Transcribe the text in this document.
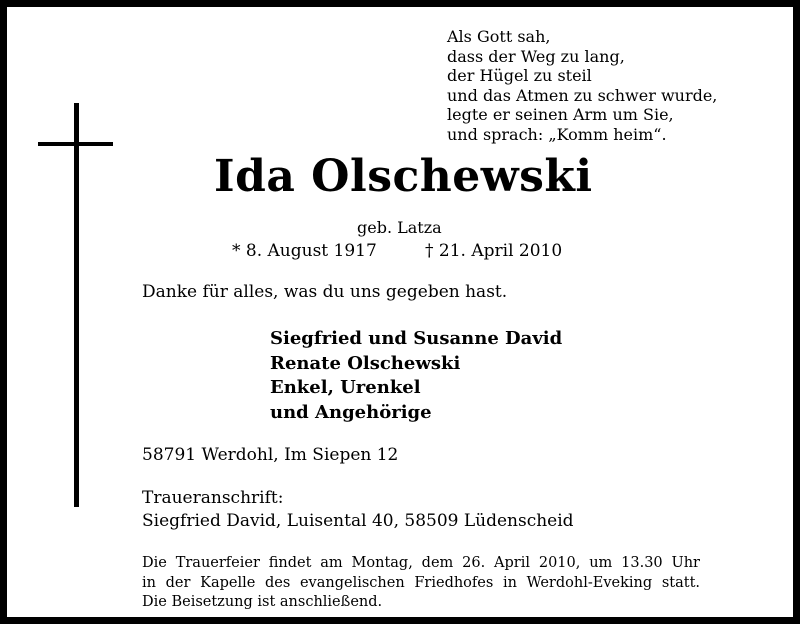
Als Gott sah,
dass der Weg zu lang,
der Hügel zu steil
und das Atmen zu schwer wurde,
legte er seinen Arm um Sie,
und sprach: „Komm heim“.
Ida Olschewski
geb. Latza
* 8. August 1917	† 21. April 2010
Danke für alles, was du uns gegeben hast.
Siegfried und Susanne David
Renate Olschewski
Enkel, Urenkel
und Angehörige
58791 Werdohl, Im Siepen 12
Traueranschrift:
Siegfried David, Luisental 40, 58509 Lüdenscheid
Die Trauerfeier findet am Montag, dem 26. April 2010, um 13.30 Uhr
in der Kapelle des evangelischen Friedhofes in Werdohl-Eveking statt.
Die Beisetzung ist anschließend.
